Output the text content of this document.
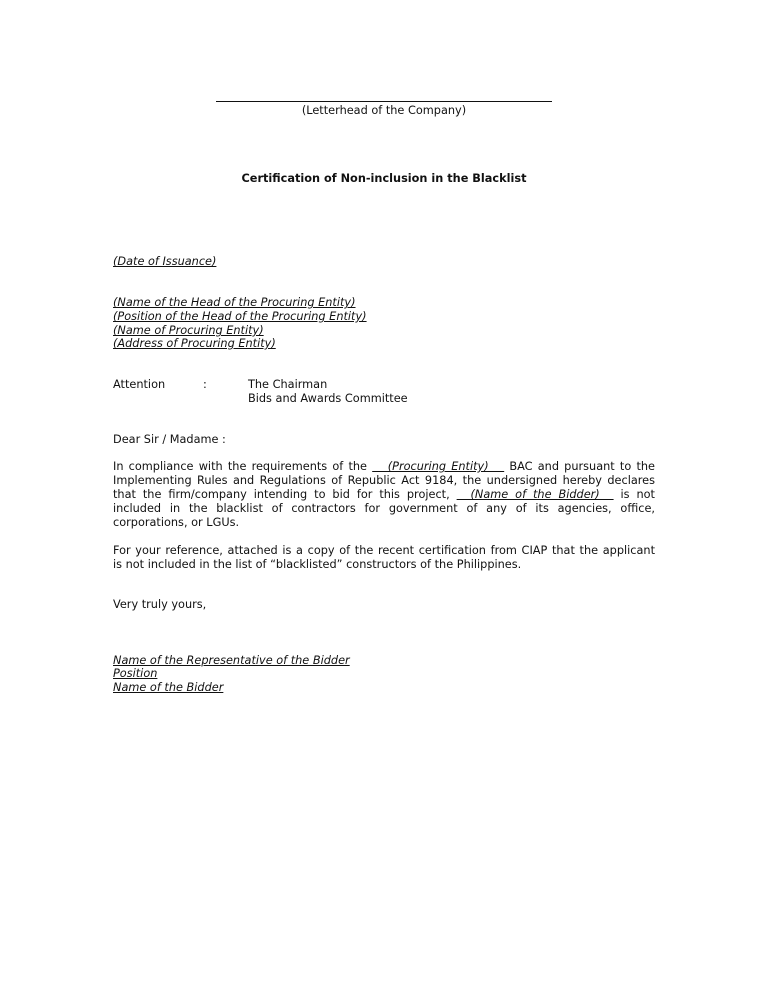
(Letterhead of the Company)
Certification of Non-inclusion in the Blacklist
(Date of Issuance)
(Name of the Head of the Procuring Entity)
(Position of the Head of the Procuring Entity)
(Name of Procuring Entity)
(Address of Procuring Entity)
Attention	:	The Chairman
Bids and Awards Committee
Dear Sir / Madame :
In compliance with the requirements of the    (Procuring Entity)    BAC and pursuant to the
Implementing Rules and Regulations of Republic Act 9184, the undersigned hereby declares
that the firm/company intending to bid for this project,   (Name of the Bidder)   is not
included in the blacklist of contractors for government of any of its agencies, office,
corporations, or LGUs.
For your reference, attached is a copy of the recent certification from CIAP that the applicant
is not included in the list of “blacklisted” constructors of the Philippines.
Very truly yours,
Name of the Representative of the Bidder
Position
Name of the Bidder
